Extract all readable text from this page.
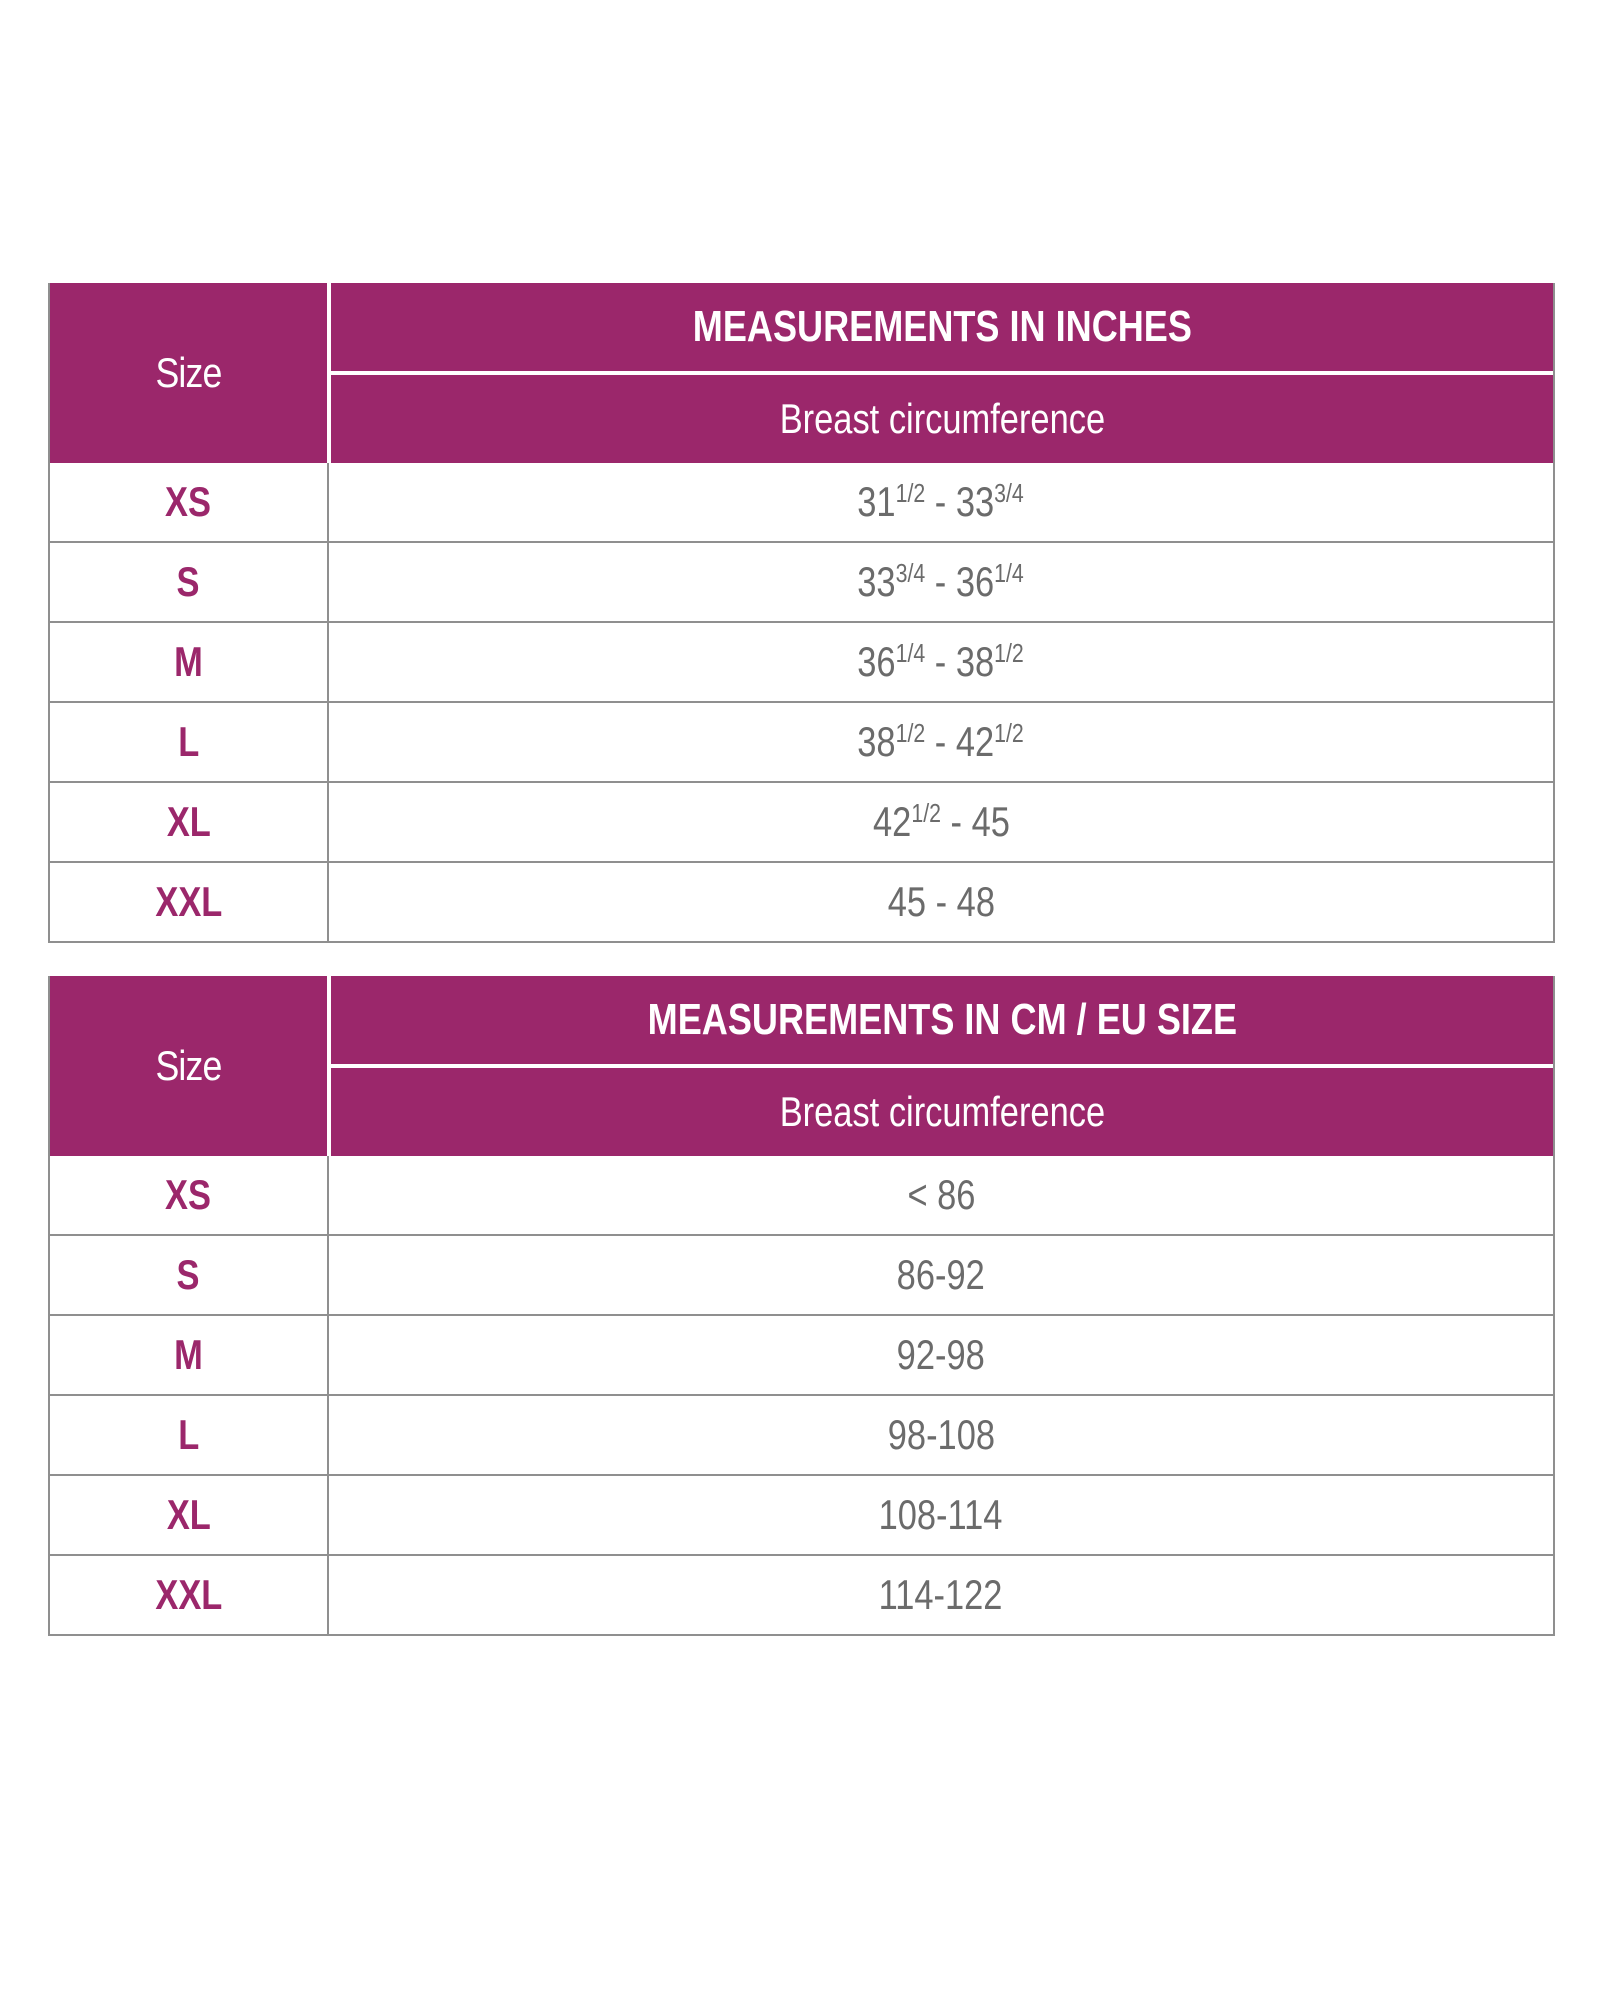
Size
MEASUREMENTS IN INCHES
Breast circumference
XS	$31^{1/2} - 33^{3/4}$
S	$33^{3/4} - 36^{1/4}$
M	$36^{1/4} - 38^{1/2}$
L	$38^{1/2} - 42^{1/2}$
XL	$42^{1/2} - 45$
XXL	45 - 48
Size
MEASUREMENTS IN CM / EU SIZE
Breast circumference
XS	< 86
S	86-92
M	92-98
L	98-108
XL	108-114
XXL	114-122
